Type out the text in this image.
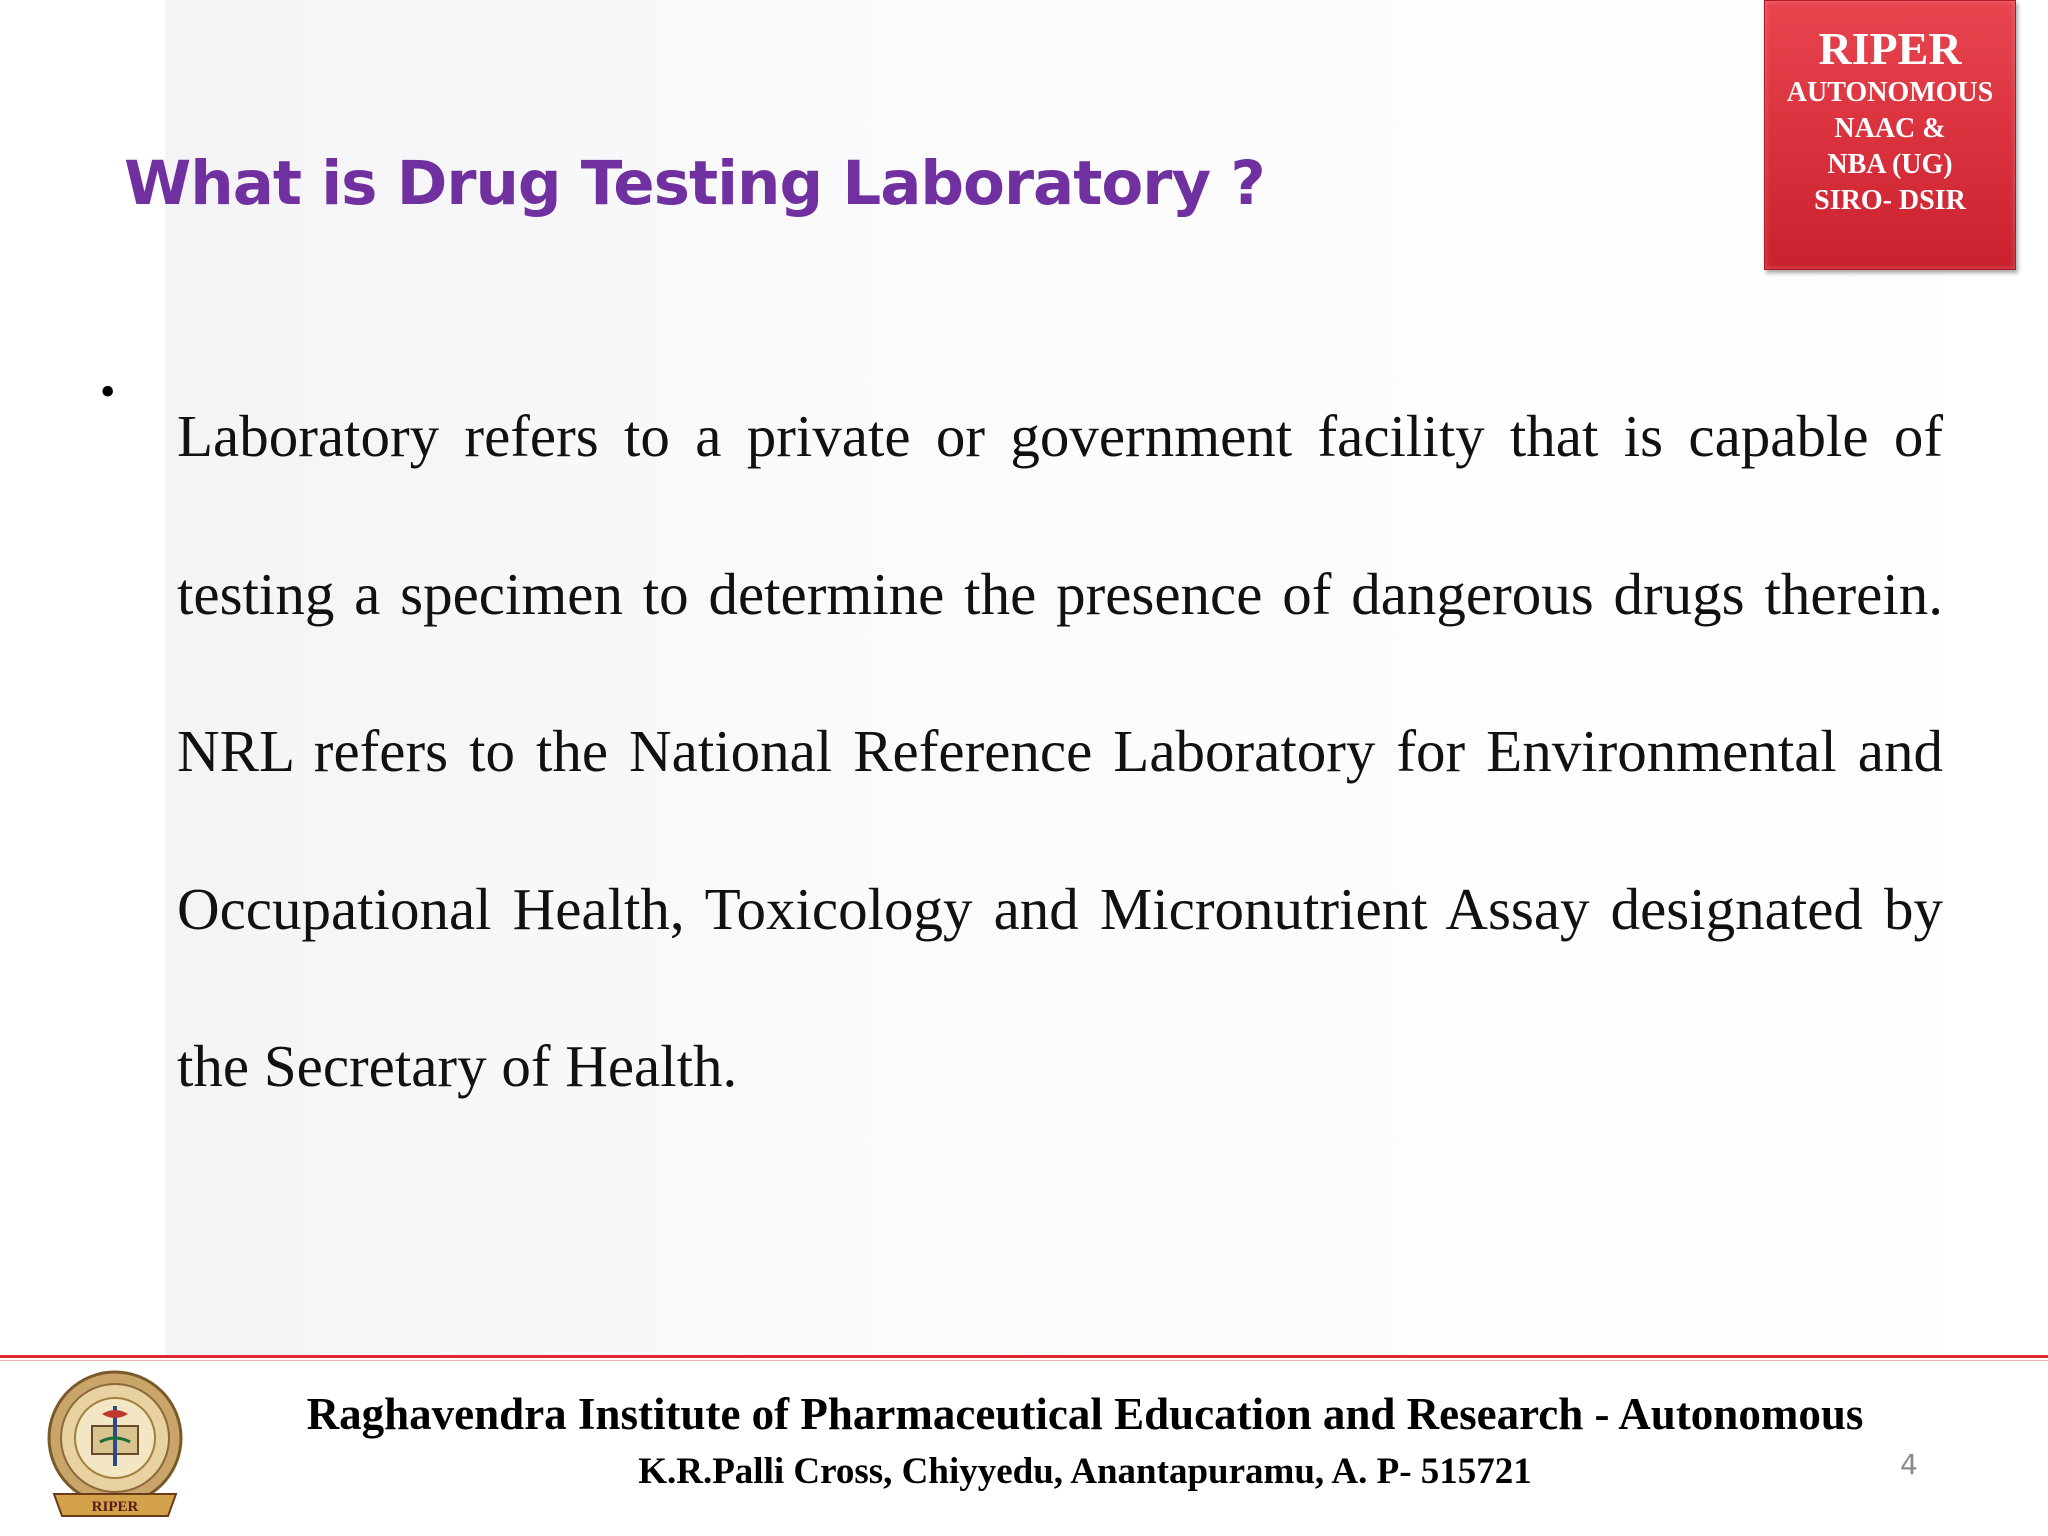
What is Drug Testing Laboratory ?
RIPER
AUTONOMOUS
NAAC &
NBA (UG)
SIRO- DSIR
•

Laboratory refers to a private or government facility that is capable of testing a specimen to determine the presence of dangerous drugs therein. NRL refers to the National Reference Laboratory for Environmental and Occupational Health, Toxicology and Micronutrient Assay designated by the Secretary of Health.

RIPER
Raghavendra Institute of Pharmaceutical Education and Research - Autonomous
K.R.Palli Cross, Chiyyedu, Anantapuramu, A. P- 515721	4
